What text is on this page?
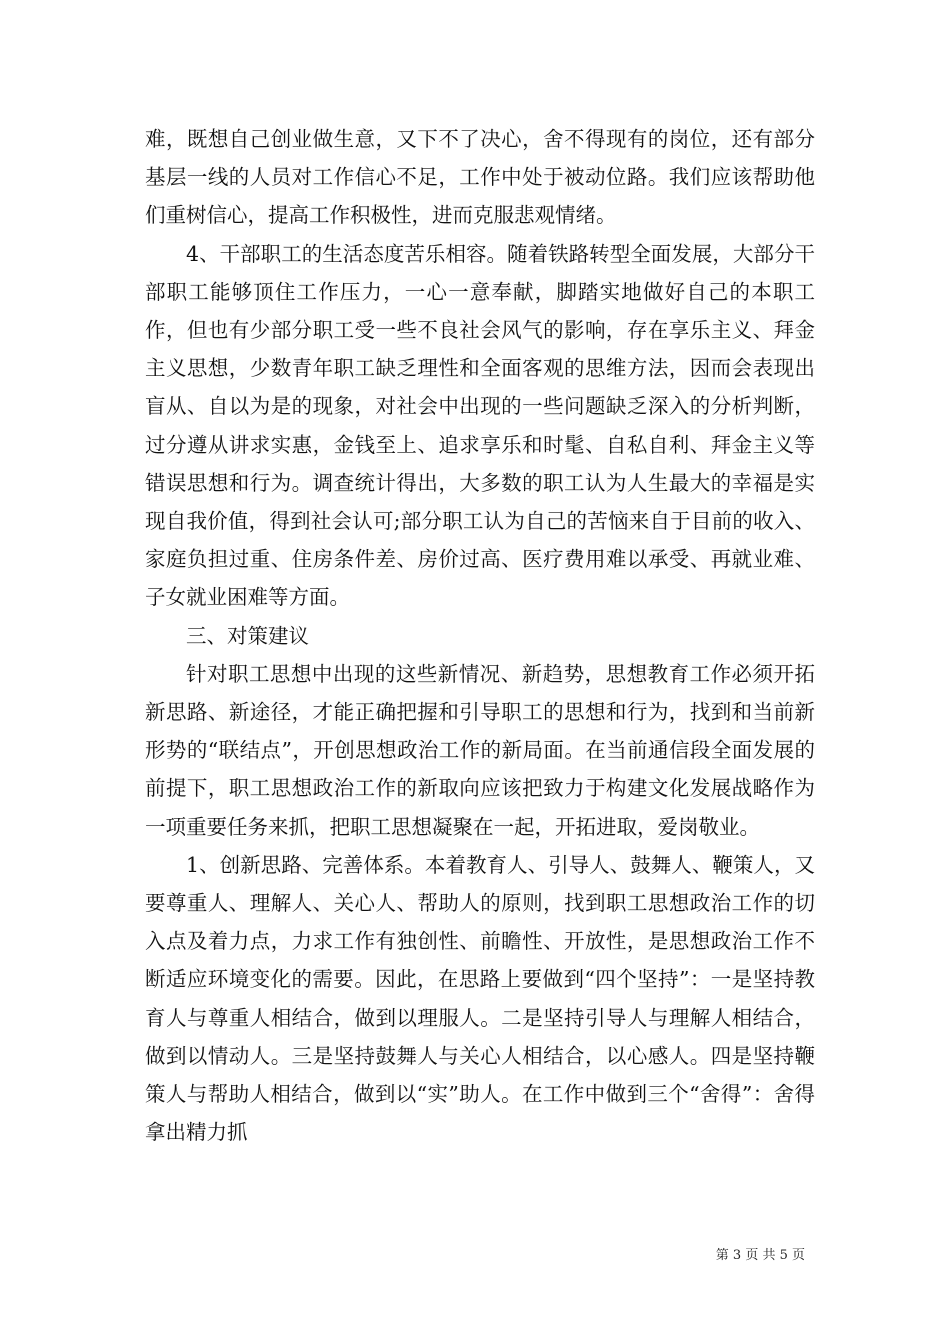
难，既想自己创业做生意，又下不了决心，舍不得现有的岗位，还有部分基层一线的人员对工作信心不足，工作中处于被动位路。我们应该帮助他们重树信心，提高工作积极性，进而克服悲观情绪。

4、干部职工的生活态度苦乐相容。随着铁路转型全面发展，大部分干部职工能够顶住工作压力，一心一意奉献，脚踏实地做好自己的本职工作，但也有少部分职工受一些不良社会风气的影响，存在享乐主义、拜金主义思想，少数青年职工缺乏理性和全面客观的思维方法，因而会表现出盲从、自以为是的现象，对社会中出现的一些问题缺乏深入的分析判断，过分遵从讲求实惠，金钱至上、追求享乐和时髦、自私自利、拜金主义等错误思想和行为。调查统计得出，大多数的职工认为人生最大的幸福是实现自我价值，得到社会认可;部分职工认为自己的苦恼来自于目前的收入、家庭负担过重、住房条件差、房价过高、医疗费用难以承受、再就业难、子女就业困难等方面。

三、对策建议

针对职工思想中出现的这些新情况、新趋势，思想教育工作必须开拓新思路、新途径，才能正确把握和引导职工的思想和行为，找到和当前新形势的“联结点”，开创思想政治工作的新局面。在当前通信段全面发展的前提下，职工思想政治工作的新取向应该把致力于构建文化发展战略作为一项重要任务来抓，把职工思想凝聚在一起，开拓进取，爱岗敬业。

1、创新思路、完善体系。本着教育人、引导人、鼓舞人、鞭策人，又要尊重人、理解人、关心人、帮助人的原则，找到职工思想政治工作的切入点及着力点，力求工作有独创性、前瞻性、开放性，是思想政治工作不断适应环境变化的需要。因此，在思路上要做到“四个坚持”：一是坚持教育人与尊重人相结合，做到以理服人。二是坚持引导人与理解人相结合，做到以情动人。三是坚持鼓舞人与关心人相结合，以心感人。四是坚持鞭策人与帮助人相结合，做到以“实”助人。在工作中做到三个“舍得”：舍得拿出精力抓

第 3 页 共 5 页
